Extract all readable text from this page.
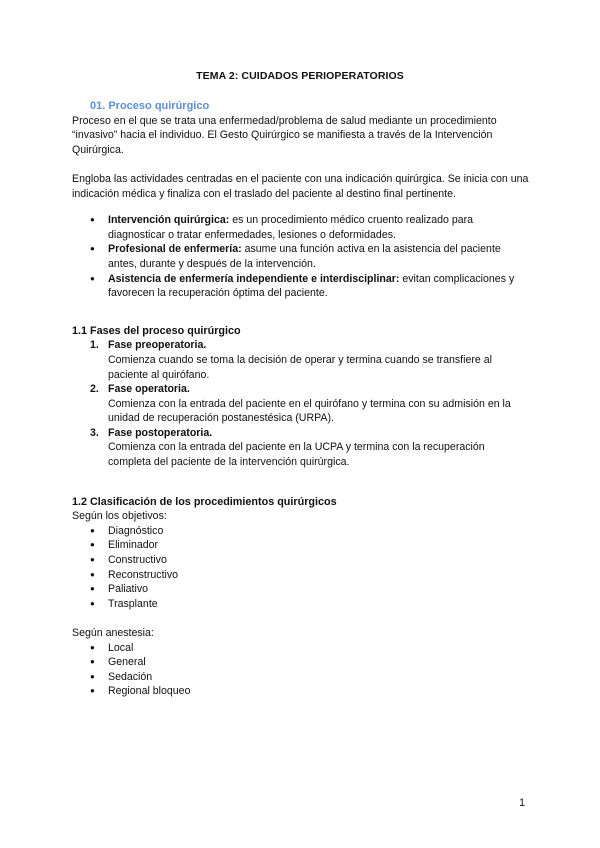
TEMA 2: CUIDADOS PERIOPERATORIOS
01. Proceso quirúrgico

Proceso en el que se trata una enfermedad/problema de salud mediante un procedimiento “invasivo” hacia el individuo. El Gesto Quirúrgico se manifiesta a través de la Intervención Quirúrgica.

Engloba las actividades centradas en el paciente con una indicación quirúrgica. Se inicia con una indicación médica y finaliza con el traslado del paciente al destino final pertinente.

● Intervención quirúrgica: es un procedimiento médico cruento realizado para diagnosticar o tratar enfermedades, lesiones o deformidades.
● Profesional de enfermería: asume una función activa en la asistencia del paciente antes, durante y después de la intervención.
● Asistencia de enfermería independiente e interdisciplinar: evitan complicaciones y favorecen la recuperación óptima del paciente.
1.1 Fases del proceso quirúrgico
1. Fase preoperatoria.
Comienza cuando se toma la decisión de operar y termina cuando se transfiere al paciente al quirófano.
2. Fase operatoria.
Comienza con la entrada del paciente en el quirófano y termina con su admisión en la unidad de recuperación postanestésica (URPA).
3. Fase postoperatoria.
Comienza con la entrada del paciente en la UCPA y termina con la recuperación completa del paciente de la intervención quirúrgica.
1.2 Clasificación de los procedimientos quirúrgicos

Según los objetivos:

● Diagnóstico
● Eliminador
● Constructivo
● Reconstructivo
● Paliativo
● Trasplante

Según anestesia:

● Local
● General
● Sedación
● Regional bloqueo
1
